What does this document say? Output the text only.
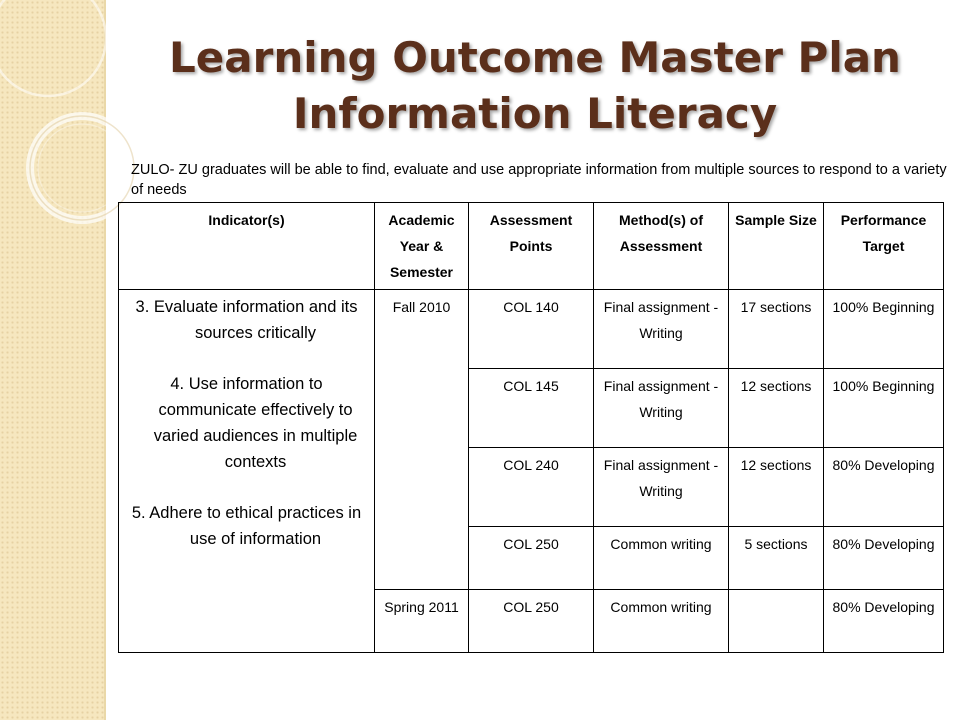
Learning Outcome Master Plan
Information Literacy
ZULO- ZU graduates will be able to find, evaluate and use appropriate information from multiple sources to respond to a variety of needs
Indicator(s)	Academic Year & Semester	Assessment Points	Method(s) of Assessment	Sample Size	Performance Target

3. Evaluate information and its sources critically
4. Use information to communicate effectively to varied audiences in multiple contexts
5. Adhere to ethical practices in use of information	Fall 2010	COL 140	Final assignment - Writing	17 sections	100% Beginning
		COL 145	Final assignment - Writing	12 sections	100% Beginning
		COL 240	Final assignment - Writing	12 sections	80% Developing
		COL 250	Common writing	5 sections	80% Developing
	Spring 2011	COL 250	Common writing		80% Developing
